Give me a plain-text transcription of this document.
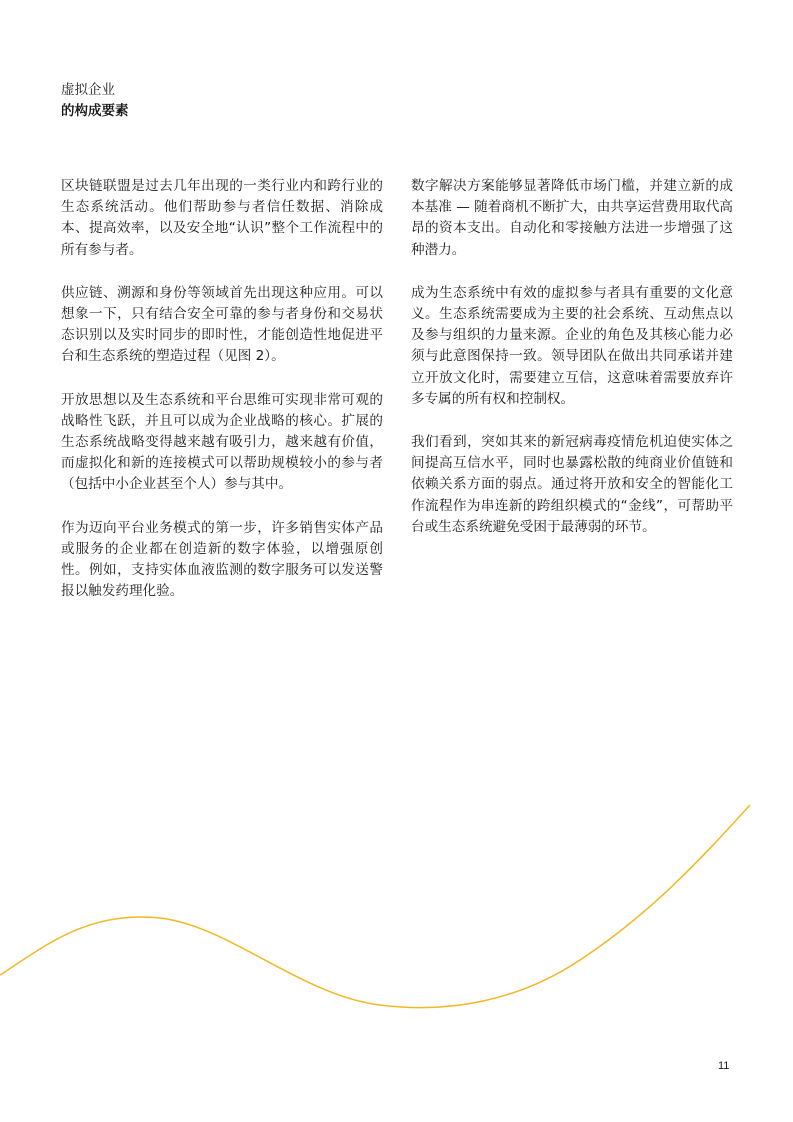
虚拟企业
的构成要素

区块链联盟是过去几年出现的一类行业内和跨行业的生态系统活动。他们帮助参与者信任数据、消除成本、提高效率，以及安全地“认识”整个工作流程中的所有参与者。

供应链、溯源和身份等领域首先出现这种应用。可以想象一下，只有结合安全可靠的参与者身份和交易状态识别以及实时同步的即时性，才能创造性地促进平台和生态系统的塑造过程（见图 2）。

开放思想以及生态系统和平台思维可实现非常可观的战略性飞跃，并且可以成为企业战略的核心。扩展的生态系统战略变得越来越有吸引力，越来越有价值，而虚拟化和新的连接模式可以帮助规模较小的参与者（包括中小企业甚至个人）参与其中。

作为迈向平台业务模式的第一步，许多销售实体产品或服务的企业都在创造新的数字体验，以增强原创性。例如，支持实体血液监测的数字服务可以发送警报以触发药理化验。

数字解决方案能够显著降低市场门槛，并建立新的成本基准 — 随着商机不断扩大，由共享运营费用取代高昂的资本支出。自动化和零接触方法进一步增强了这种潜力。

成为生态系统中有效的虚拟参与者具有重要的文化意义。生态系统需要成为主要的社会系统、互动焦点以及参与组织的力量来源。企业的角色及其核心能力必须与此意图保持一致。领导团队在做出共同承诺并建立开放文化时，需要建立互信，这意味着需要放弃许多专属的所有权和控制权。

我们看到，突如其来的新冠病毒疫情危机迫使实体之间提高互信水平，同时也暴露松散的纯商业价值链和依赖关系方面的弱点。通过将开放和安全的智能化工作流程作为串连新的跨组织模式的“金线”，可帮助平台或生态系统避免受困于最薄弱的环节。

11
